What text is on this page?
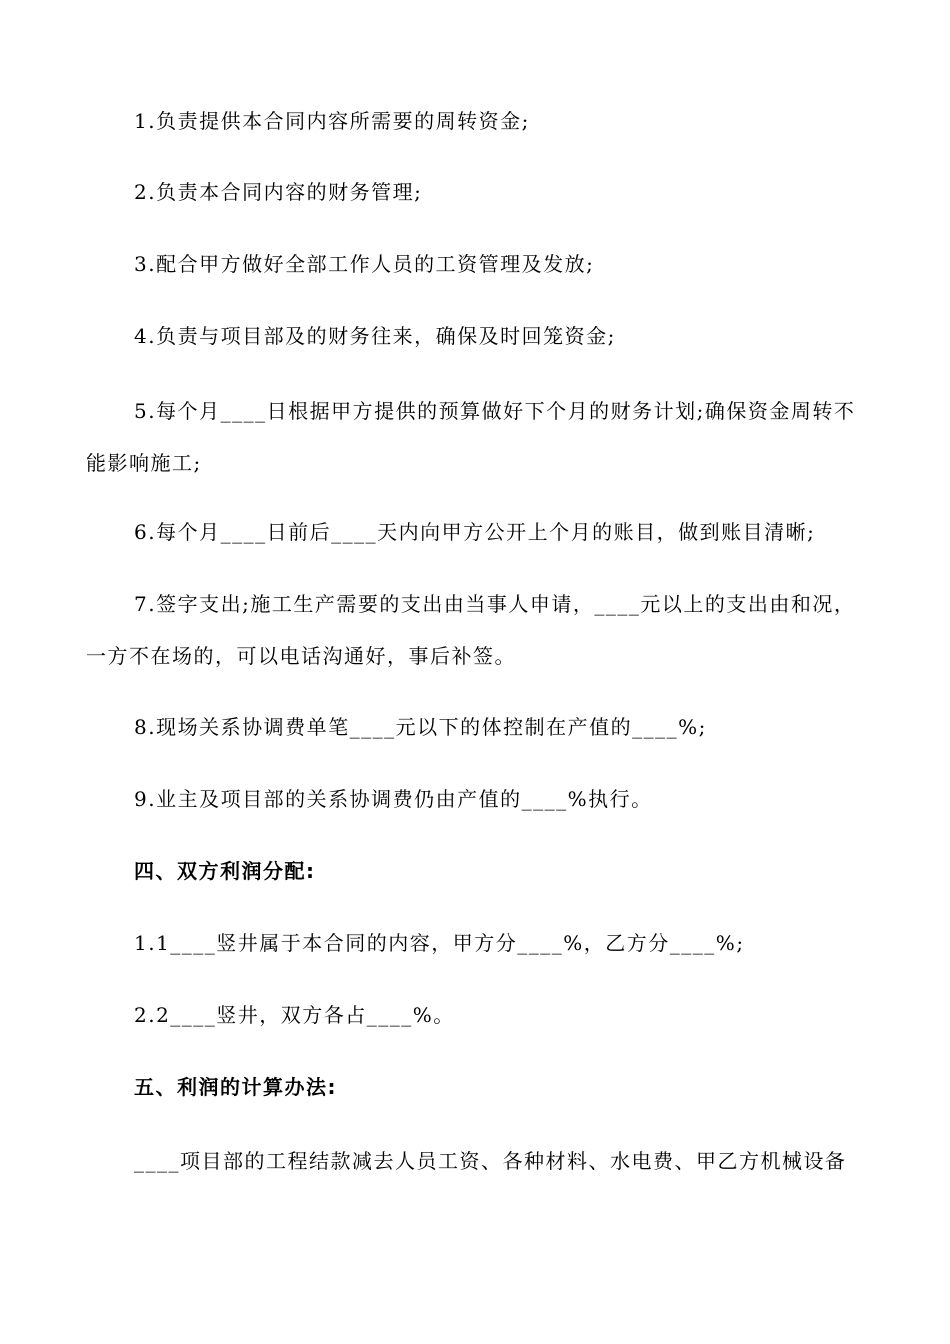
1.负责提供本合同内容所需要的周转资金;

2.负责本合同内容的财务管理;

3.配合甲方做好全部工作人员的工资管理及发放;

4.负责与项目部及的财务往来，确保及时回笼资金;

5.每个月____日根据甲方提供的预算做好下个月的财务计划;确保资金周转不能影响施工;

6.每个月____日前后____天内向甲方公开上个月的账目，做到账目清晰;

7.签字支出;施工生产需要的支出由当事人申请，____元以上的支出由和况，一方不在场的，可以电话沟通好，事后补签。

8.现场关系协调费单笔____元以下的体控制在产值的____%;

9.业主及项目部的关系协调费仍由产值的____%执行。

四、双方利润分配:

1.1____竖井属于本合同的内容，甲方分____%，乙方分____%;

2.2____竖井，双方各占____%。

五、利润的计算办法:

____项目部的工程结款减去人员工资、各种材料、水电费、甲乙方机械设备
